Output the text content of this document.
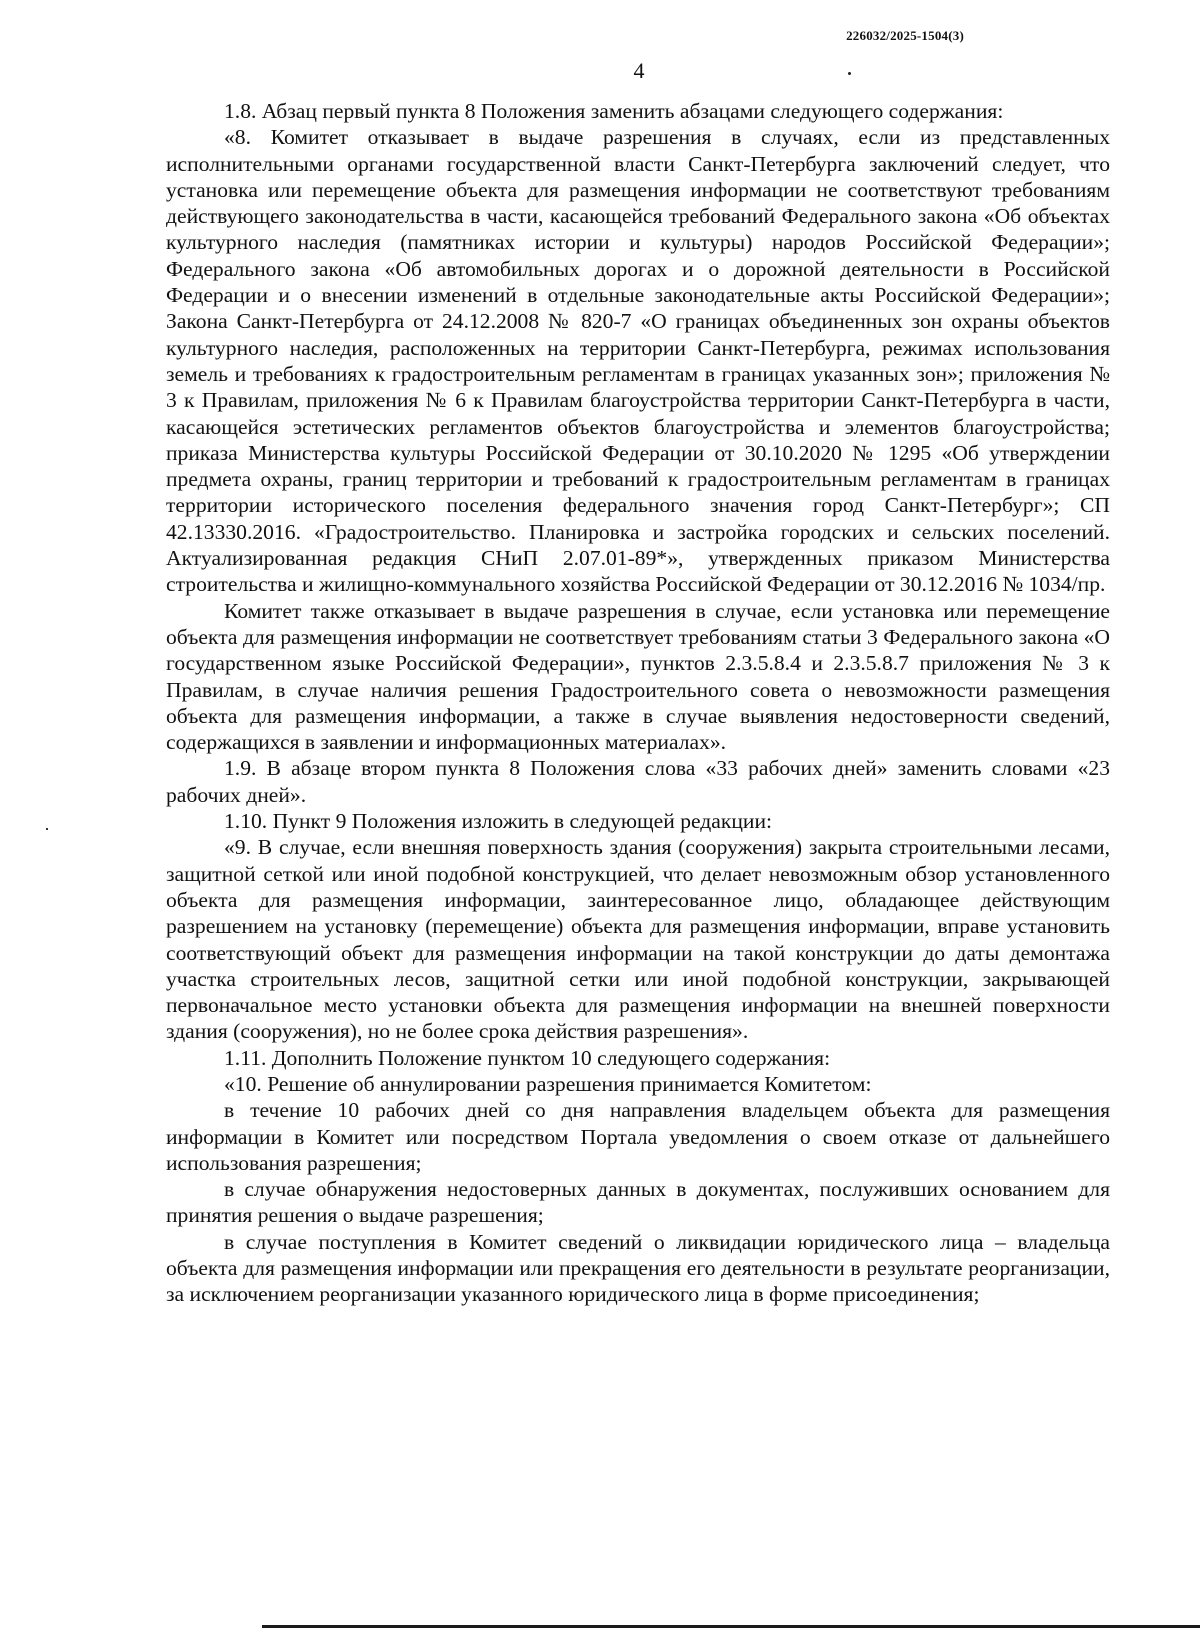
226032/2025-1504(3)
4

1.8. Абзац первый пункта 8 Положения заменить абзацами следующего содержания:

«8. Комитет отказывает в выдаче разрешения в случаях, если из представленных исполнительными органами государственной власти Санкт-Петербурга заключений следует, что установка или перемещение объекта для размещения информации не соответствуют требованиям действующего законодательства в части, касающейся требований Федерального закона «Об объектах культурного наследия (памятниках истории и культуры) народов Российской Федерации»; Федерального закона «Об автомобильных дорогах и о дорожной деятельности в Российской Федерации и о внесении изменений в отдельные законодательные акты Российской Федерации»; Закона Санкт-Петербурга от 24.12.2008 № 820-7 «О границах объединенных зон охраны объектов культурного наследия, расположенных на территории Санкт-Петербурга, режимах использования земель и требованиях к градостроительным регламентам в границах указанных зон»; приложения № 3 к Правилам, приложения № 6 к Правилам благоустройства территории Санкт-Петербурга в части, касающейся эстетических регламентов объектов благоустройства и элементов благоустройства; приказа Министерства культуры Российской Федерации от 30.10.2020 № 1295 «Об утверждении предмета охраны, границ территории и требований к градостроительным регламентам в границах территории исторического поселения федерального значения город Санкт-Петербург»; СП 42.13330.2016. «Градостроительство. Планировка и застройка городских и сельских поселений. Актуализированная редакция СНиП 2.07.01-89*», утвержденных приказом Министерства строительства и жилищно-коммунального хозяйства Российской Федерации от 30.12.2016 № 1034/пр.

Комитет также отказывает в выдаче разрешения в случае, если установка или перемещение объекта для размещения информации не соответствует требованиям статьи 3 Федерального закона «О государственном языке Российской Федерации», пунктов 2.3.5.8.4 и 2.3.5.8.7 приложения № 3 к Правилам, в случае наличия решения Градостроительного совета о невозможности размещения объекта для размещения информации, а также в случае выявления недостоверности сведений, содержащихся в заявлении и информационных материалах».

1.9. В абзаце втором пункта 8 Положения слова «33 рабочих дней» заменить словами «23 рабочих дней».

1.10. Пункт 9 Положения изложить в следующей редакции:

«9. В случае, если внешняя поверхность здания (сооружения) закрыта строительными лесами, защитной сеткой или иной подобной конструкцией, что делает невозможным обзор установленного объекта для размещения информации, заинтересованное лицо, обладающее действующим разрешением на установку (перемещение) объекта для размещения информации, вправе установить соответствующий объект для размещения информации на такой конструкции до даты демонтажа участка строительных лесов, защитной сетки или иной подобной конструкции, закрывающей первоначальное место установки объекта для размещения информации на внешней поверхности здания (сооружения), но не более срока действия разрешения».

1.11. Дополнить Положение пунктом 10 следующего содержания:

«10. Решение об аннулировании разрешения принимается Комитетом:

в течение 10 рабочих дней со дня направления владельцем объекта для размещения информации в Комитет или посредством Портала уведомления о своем отказе от дальнейшего использования разрешения;

в случае обнаружения недостоверных данных в документах, послуживших основанием для принятия решения о выдаче разрешения;

в случае поступления в Комитет сведений о ликвидации юридического лица – владельца объекта для размещения информации или прекращения его деятельности в результате реорганизации, за исключением реорганизации указанного юридического лица в форме присоединения;
